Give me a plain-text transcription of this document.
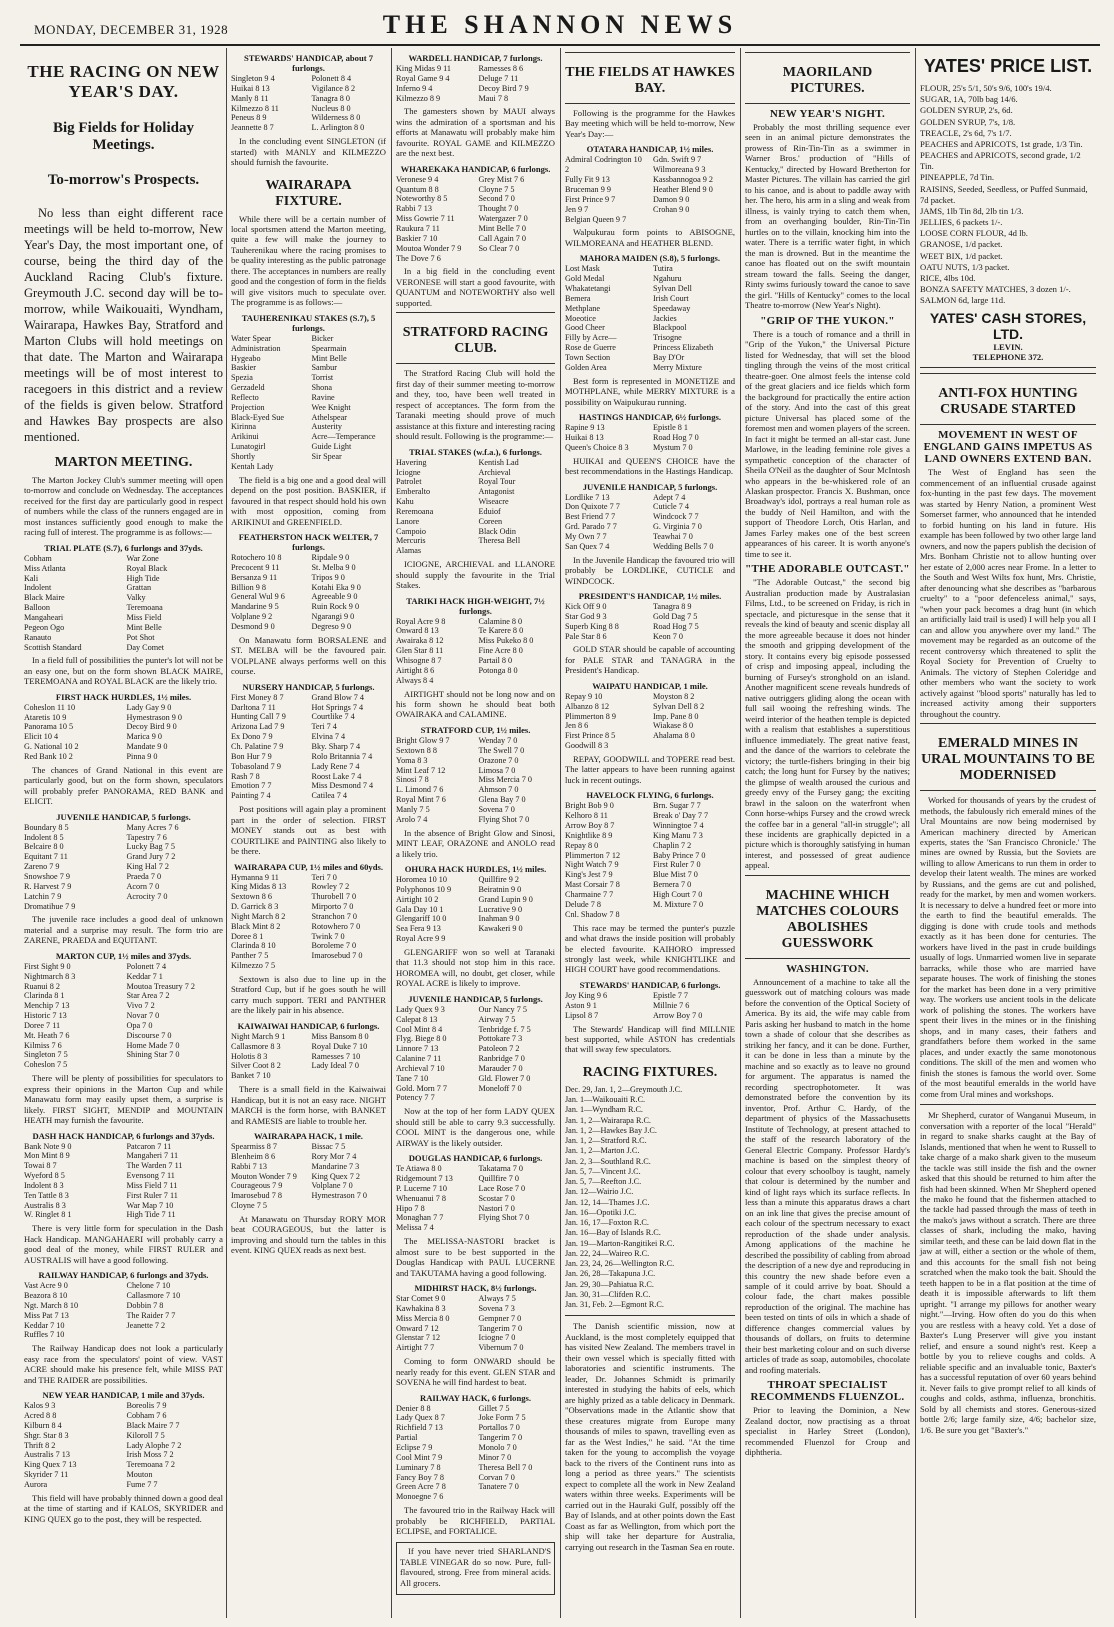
MONDAY, DECEMBER 31, 1928	THE SHANNON NEWS
THE RACING ON NEW YEAR'S DAY.
Big Fields for Holiday Meetings.
To-morrow's Prospects.
No less than eight different race meetings will be held to-morrow, New Year's Day, the most important one, of course, being the third day of the Auckland Racing Club's fixture. Greymouth J.C. second day will be to-morrow, while Waikouaiti, Wyndham, Wairarapa, Hawkes Bay, Stratford and Marton Clubs will hold meetings on that date. The Marton and Wairarapa meetings will be of most interest to racegoers in this district and a review of the fields is given below. Stratford and Hawkes Bay prospects are also mentioned.
MARTON MEETING.

The Marton Jockey Club's summer meeting will open to-morrow and conclude on Wednesday. The acceptances received for the first day are particularly good in respect of numbers while the class of the runners engaged are in most instances sufficiently good enough to make the racing full of interest. The programme is as follows:—

TRIAL PLATE (S.7), 6 furlongs and 37yds.
Cobham
Miss Atlanta
Kali
Indolent
Black Maire
Balloon
Mangaheari
Pegeon Ogo
Ranauto
Scottish Standard
War Zone
Royal Black
High Tide
Grattan
Valky
Teremoana
Miss Field
Mint Belle
Pot Shot
Day Comet

In a field full of possibilities the punter's lot will not be an easy one, but on the form shown BLACK MAIRE, TEREMOANA and ROYAL BLACK are the likely trio.

FIRST HACK HURDLES, 1½ miles.
Coheslon 11 10
Ataretis 10 9
Panorama 10 5
Elicit 10 4
G. National 10 2
Red Bank 10 2
Lady Gay 9 0
Hymestrason 9 0
Decoy Bird 9 0
Marica 9 0
Mandate 9 0
Pinna 9 0

The chances of Grand National in this event are particularly good, but on the form shown, speculators will probably prefer PANORAMA, RED BANK and ELICIT.

JUVENILE HANDICAP, 5 furlongs.
Boundary 8 5
Indolent 8 5
Belcaire 8 0
Equitant 7 11
Zareno 7 9
Snowshoe 7 9
R. Harvest 7 9
Latchin 7 9
Dromatihue 7 9
Many Acres 7 6
Tapestry 7 6
Lucky Bag 7 5
Grand Jury 7 2
King Hal 7 2
Praeda 7 0
Acorn 7 0
Acrocity 7 0

The juvenile race includes a good deal of unknown material and a surprise may result. The form trio are ZARENE, PRAEDA and EQUITANT.

MARTON CUP, 1½ miles and 37yds.
First Sight 9 0
Nightmarch 8 3
Ruanui 8 2
Clarinda 8 1
Menchip 7 13
Historic 7 13
Doree 7 11
Mt. Heath 7 6
Kilmiss 7 6
Singleton 7 5
Coheslon 7 5
Polonett 7 4
Keddar 7 1
Moutoa Treasury 7 2
Star Area 7 2
Vivo 7 2
Novar 7 0
Opa 7 0
Discourse 7 0
Home Made 7 0
Shining Star 7 0

There will be plenty of possibilities for speculators to express their opinions in the Marton Cup and while Manawatu form may easily upset them, a surprise is likely. FIRST SIGHT, MENDIP and MOUNTAIN HEATH may furnish the favourite.

DASH HACK HANDICAP, 6 furlongs and 37yds.
Bank Note 9 0
Mon Mint 8 9
Towai 8 7
Wyeford 8 5
Indolent 8 3
Ten Tattle 8 3
Australis 8 3
W. Ringlet 8 1
Patcaron 7 11
Mangaheri 7 11
The Warden 7 11
Evensong 7 11
Miss Field 7 11
First Ruler 7 11
War Map 7 10
High Tide 7 11

There is very little form for speculation in the Dash Hack Handicap. MANGAHAERI will probably carry a good deal of the money, while FIRST RULER and AUSTRALIS will have a good following.

RAILWAY HANDICAP, 6 furlongs and 37yds.
Vast Acre 9 0
Beazora 8 10
Ngt. March 8 10
Miss Pat 7 13
Keddar 7 10
Ruffles 7 10
Chelone 7 10
Callasmore 7 10
Dobbin 7 8
The Raider 7 7
Jeanette 7 2

The Railway Handicap does not look a particularly easy race from the speculators' point of view. VAST ACRE should make his presence felt, while MISS PAT and THE RAIDER are possibilities.

NEW YEAR HANDICAP, 1 mile and 37yds.
Kalos 9 3
Acred 8 8
Kilburn 8 4
Shgr. Star 8 3
Thrift 8 2
Australis 7 13
King Quex 7 13
Skyrider 7 11
Aurora
Boreolis 7 9
Cobham 7 6
Black Maire 7 7
Kiloroll 7 5
Lady Alophe 7 2
Irish Moss 7 2
Teremoana 7 2
Mouton
Fume 7 7

This field will have probably thinned down a good deal at the time of starting and if KALOS, SKYRIDER and KING QUEX go to the post, they will be respected.

STEWARDS' HANDICAP, about 7 furlongs.
Singleton 9 4
Huikai 8 13
Manly 8 11
Kilmezzo 8 11
Peneus 8 9
Jeannette 8 7
Polonett 8 4
Vigilance 8 2
Tanagra 8 0
Nucleus 8 0
Wilderness 8 0
L. Arlington 8 0

In the concluding event SINGLETON (if started) with MANLY and KILMEZZO should furnish the favourite.

WAIRARAPA FIXTURE.

While there will be a certain number of local sportsmen attend the Marton meeting, quite a few will make the journey to Tauherenikau where the racing promises to be quality interesting as the public patronage there. The acceptances in numbers are really good and the congestion of form in the fields will give visitors much to speculate over. The programme is as follows:—

TAUHERENIKAU STAKES (S.7), 5 furlongs.
Water Spear
Administration
Hygeabo
Baskier
Spezia
Gerzadeld
Reflecto
Projection
Black-Eyed Sue
Kirinna
Arikinui
Lunatogirl
Shortly
Kentah Lady
Bicker
Spearmain
Mint Belle
Sambur
Torrist
Shona
Ravine
Wee Knight
Athelspear
Austerity
Acre—Temperance
Guide Light
Sir Spear

The field is a big one and a good deal will depend on the post position. BASKIER, if favoured in that respect should hold his own with most opposition, coming from ARIKINUI and GREENFIELD.

FEATHERSTON HACK WELTER, 7 furlongs.
Rotochero 10 8
Precocent 9 11
Bersanza 9 11
Billion 9 8
General Wul 9 6
Mandarine 9 5
Volplane 9 2
Desmond 9 0
Ripdale 9 0
St. Melba 9 0
Tripos 9 0
Kotahi Eka 9 0
Agreeable 9 0
Ruin Rock 9 0
Ngarangi 9 0
Degreso 9 0

On Manawatu form BORSALENE and ST. MELBA will be the favoured pair. VOLPLANE always performs well on this course.

NURSERY HANDICAP, 5 furlongs.
First Money 8 7
Darltona 7 11
Hunting Call 7 9
Arizona Lad 7 9
Ex Dono 7 9
Ch. Palatine 7 9
Bon Hur 7 9
Tobasoland 7 9
Rash 7 8
Emotion 7 7
Painting 7 4
Grand Blow 7 4
Hot Springs 7 4
Courtlike 7 4
Teri 7 4
Elvina 7 4
Bky. Sharp 7 4
Rolo Britannia 7 4
Lady Rene 7 4
Roost Lake 7 4
Miss Desmond 7 4
Catilea 7 4

Post positions will again play a prominent part in the order of selection. FIRST MONEY stands out as best with COURTLIKE and PAINTING also likely to be there.

WAIRARAPA CUP, 1½ miles and 60yds.
Hymanna 9 11
King Midas 8 13
Sextown 8 6
D. Garrick 8 3
Night March 8 2
Black Mint 8 2
Doree 8 1
Clarinda 8 10
Panther 7 5
Kilmezzo 7 5
Teri 7 0
Rowley 7 2
Thurobell 7 0
Mirporto 7 0
Stranchon 7 0
Rotowhero 7 0
Twink 7 0
Boroleme 7 0
Imarosebud 7 0

Sextown is also due to line up in the Stratford Cup, but if he goes south he will carry much support. TERI and PANTHER are the likely pair in his absence.

KAIWAIWAI HANDICAP, 6 furlongs.
Night March 9 1
Callasmore 8 3
Holotis 8 3
Silver Coot 8 2
Banket 7 10
Miss Bansom 8 0
Royal Duke 7 10
Ramesses 7 10
Lady Ideal 7 0

There is a small field in the Kaiwaiwai Handicap, but it is not an easy race. NIGHT MARCH is the form horse, with BANKET and RAMESIS are liable to trouble her.

WAIRARAPA HACK, 1 mile.
Spearmiss 8 7
Blenheim 8 6
Rabbi 7 13
Mouton Wonder 7 9
Courageous 7 9
Imarosebud 7 8
Cloyne 7 5
Bissac 7 5
Rory Mor 7 4
Mandarine 7 3
King Quex 7 2
Volplane 7 0
Hymestrason 7 0

At Manawatu on Thursday RORY MOR beat COURAGEOUS, but the latter is improving and should turn the tables in this event. KING QUEX reads as next best.

WARDELL HANDICAP, 7 furlongs.
King Midas 9 11
Royal Game 9 4
Inferno 9 4
Kilmezzo 8 9
Ramesses 8 6
Deluge 7 11
Decoy Bird 7 9
Maui 7 8

The gamesters shown by MAUI always wins the admiration of a sportsman and his efforts at Manawatu will probably make him favourite. ROYAL GAME and KILMEZZO are the next best.

WHAREKAKA HANDICAP, 6 furlongs.
Veronese 9 4
Quantum 8 8
Noteworthy 8 5
Rabbi 7 13
Miss Gowrie 7 11
Raukura 7 11
Baskier 7 10
Moutoa Wonder 7 9
The Dove 7 6
Grey Mist 7 6
Cloyne 7 5
Second 7 0
Thought 7 0
Watergazer 7 0
Mint Belle 7 0
Call Again 7 0
So Clear 7 0

In a big field in the concluding event VERONESE will start a good favourite, with QUANTUM and NOTEWORTHY also well supported.

STRATFORD RACING CLUB.

The Stratford Racing Club will hold the first day of their summer meeting to-morrow and they, too, have been well treated in respect of acceptances. The form from the Taranaki meeting should prove of much assistance at this fixture and interesting racing should result. Following is the programme:—

TRIAL STAKES (w.f.a.), 6 furlongs.
Havering
Iciogne
Patrolet
Emberalto
Kahu
Reremoana
Lanore
Campoio
Mercuris
Alamas
Kentish Lad
Archieval
Royal Tour
Antagonist
Wiseacre
Eduiof
Coreen
Black Odin
Theresa Bell

ICIOGNE, ARCHIEVAL and LLANORE should supply the favourite in the Trial Stakes.

TARIKI HACK HIGH-WEIGHT, 7½ furlongs.
Royal Acre 9 8
Onward 8 13
Awairaka 8 12
Glen Star 8 11
Whisogne 8 7
Airtight 8 6
Always 8 4
Calamine 8 0
Te Karere 8 0
Miss Pukeko 8 0
Fine Acre 8 0
Partail 8 0
Potonga 8 0

AIRTIGHT should not be long now and on his form shown he should beat both OWAIRAKA and CALAMINE.

STRATFORD CUP, 1½ miles.
Bright Glow 9 7
Sextown 8 8
Yoma 8 3
Mint Leaf 7 12
Sinosi 7 8
L. Limond 7 6
Royal Mint 7 6
Manly 7 5
Arolo 7 4
Wenday 7 0
The Swell 7 0
Orazone 7 0
Limosa 7 0
Miss Mercia 7 0
Ahmson 7 0
Glena Bay 7 0
Sovena 7 0
Flying Shot 7 0

In the absence of Bright Glow and Sinosi, MINT LEAF, ORAZONE and ANOLO read a likely trio.

OHURA HACK HURDLES, 1½ miles.
Horomea 10 10
Polyphonos 10 9
Airtight 10 2
Gala Day 10 1
Glengariff 10 0
Sea Fera 9 13
Royal Acre 9 9
Quillfire 9 2
Beiratnin 9 0
Grand Lupin 9 0
Lucrative 9 0
Inahman 9 0
Kawakeri 9 0

GLENGARIFF won so well at Taranaki that 11.3 should not stop him in this race. HOROMEA will, no doubt, get closer, while ROYAL ACRE is likely to improve.

JUVENILE HANDICAP, 5 furlongs.
Lady Quex 9 3
Calepat 8 13
Cool Mint 8 4
Flyg. Biege 8 0
Linnore 7 13
Calanine 7 11
Archieval 7 10
Tane 7 10
Gold. Morn 7 7
Potency 7 7
Our Nancy 7 5
Airway 7 5
Tenbridge f. 7 5
Pottokare 7 3
Patoleon 7 2
Ranbridge 7 0
Marauder 7 0
Gld. Flower 7 0
Moneloff 7 0

Now at the top of her form LADY QUEX should still be able to carry 9.3 successfully. COOL MINT is the dangerous one, while AIRWAY is the likely outsider.

DOUGLAS HANDICAP, 6 furlongs.
Te Atiawa 8 0
Ridgemount 7 13
P. Lucerne 7 10
Whenuanui 7 8
Hipo 7 8
Monaghan 7 7
Melissa 7 4
Takatarna 7 0
Quillfire 7 0
Lace Rose 7 0
Scostar 7 0
Nastori 7 0
Flying Shot 7 0

The MELISSA-NASTORI bracket is almost sure to be best supported in the Douglas Handicap with PAUL LUCERNE and TAKUTAMA having a good following.

MIDHIRST HACK, 8½ furlongs.
Star Comet 9 0
Kawhakina 8 3
Miss Mercia 8 0
Onward 7 12
Glenstar 7 12
Airtight 7 7
Always 7 5
Sovena 7 3
Gempner 7 0
Tangerim 7 0
Iciogne 7 0
Vibernum 7 0

Coming to form ONWARD should be nearly ready for this event. GLEN STAR and SOVENA he will find hardest to beat.

RAILWAY HACK, 6 furlongs.
Denier 8 8
Lady Quex 8 7
Richfield 7 13
Partial
Eclipse 7 9
Cool Mint 7 9
Luminary 7 8
Fancy Boy 7 8
Green Acre 7 8
Monoegne 7 6
Gillet 7 5
Joke Form 7 5
Portallos 7 0
Tangerim 7 0
Monolo 7 0
Minor 7 0
Theresa Bell 7 0
Corvan 7 0
Tanatere 7 0

The favoured trio in the Railway Hack will probably be RICHFIELD, PARTIAL ECLIPSE, and FORTALICE.

If you have never tried SHARLAND'S TABLE VINEGAR do so now. Pure, full-flavoured, strong. Free from mineral acids. All grocers.

THE FIELDS AT HAWKES BAY.

Following is the programme for the Hawkes Bay meeting which will be held to-morrow, New Year's Day:—

OTATARA HANDICAP, 1½ miles.
Admiral Codrington 10 2
Fully Fit 9 13
Bruceman 9 9
First Prince 9 7
Jen 9 7
Belgian Queen 9 7
Gdn. Swift 9 7
Wilmoreana 9 3
Kassbannogoa 9 2
Heather Blend 9 0
Damon 9 0
Crohan 9 0

Walpukurau form points to ABISOGNE, WILMOREANA and HEATHER BLEND.

MAHORA MAIDEN (S.8), 5 furlongs.
Lost Mask
Gold Medal
Whakatetangi
Bemera
Methplane
Moeotice
Good Cheer
Filly by Acre—
Rose de Guerre
Town Section
Golden Area
Tutira
Ngahuru
Sylvan Dell
Irish Court
Speedaway
Jackies
Blackpool
Trisogne
Princess Elizabeth
Bay D'Or
Merry Mixture

Best form is represented in MONETIZE and MOTHPLANE, while MERRY MIXTURE is a possibility on Waipukurau running.

HASTINGS HANDICAP, 6½ furlongs.
Rapine 9 13
Huikai 8 13
Queen's Choice 8 3
Epistle 8 1
Road Hog 7 0
Mystum 7 0

HUIKAI and QUEEN'S CHOICE have the best recommendations in the Hastings Handicap.

JUVENILE HANDICAP, 5 furlongs.
Lordlike 7 13
Don Quixote 7 7
Best Friend 7 7
Grd. Parado 7 7
My Own 7 7
San Quex 7 4
Adept 7 4
Cuticle 7 4
Windcock 7 7
G. Virginia 7 0
Teawhai 7 0
Wedding Bells 7 0

In the Juvenile Handicap the favoured trio will probably be LORDLIKE, CUTICLE and WINDCOCK.

PRESIDENT'S HANDICAP, 1½ miles.
Kick Off 9 0
Star God 9 3
Superb King 8 8
Pale Star 8 6
Tanagra 8 9
Gold Dag 7 5
Road Hog 7 5
Keon 7 0

GOLD STAR should be capable of accounting for PALE STAR and TANAGRA in the President's Handicap.

WAIPATU HANDICAP, 1 mile.
Repay 9 10
Albanzo 8 12
Plimmerton 8 9
Jen 8 6
First Prince 8 5
Goodwill 8 3
Moyston 8 2
Sylvan Dell 8 2
Imp. Pane 8 0
Wiakase 8 0
Ahalama 8 0

REPAY, GOODWILL and TOPERE read best. The latter appears to have been running against luck in recent outings.

HAVELOCK FLYING, 6 furlongs.
Bright Bob 9 0
Kelhoro 8 11
Arrow Boy 8 7
Knightlike 8 9
Repay 8 0
Plimmerton 7 12
Night Watch 7 9
King's Jest 7 9
Mast Corsair 7 8
Charmaine 7 7
Delude 7 8
Cnl. Shadow 7 8
Brn. Sugar 7 7
Break o' Day 7 7
Winningtoe 7 4
King Manu 7 3
Chaplin 7 2
Baby Prince 7 0
First Ruler 7 0
Blue Mist 7 0
Bernera 7 0
High Court 7 0
M. Mixture 7 0

This race may be termed the punter's puzzle and what draws the inside position will probably be elected favourite. KAIHORO impressed strongly last week, while KNIGHTLIKE and HIGH COURT have good recommendations.

STEWARDS' HANDICAP, 6 furlongs.
Joy King 9 6
Aston 9 1
Lipsol 8 7
Epistle 7 7
Millnie 7 6
Arrow Boy 7 0

The Stewards' Handicap will find MILLNIE best supported, while ASTON has credentials that will sway few speculators.

RACING FIXTURES.
Dec. 29, Jan. 1, 2—Greymouth J.C.
Jan. 1—Waikouaiti R.C.
Jan. 1—Wyndham R.C.
Jan. 1, 2—Wairarapa R.C.
Jan. 1, 2—Hawkes Bay J.C.
Jan. 1, 2—Stratford R.C.
Jan. 1, 2—Marton J.C.
Jan. 2, 3—Southland R.C.
Jan. 5, 7—Vincent J.C.
Jan. 5, 7—Reefton J.C.
Jan. 12—Wairio J.C.
Jan. 12, 14—Thames J.C.
Jan. 16—Opotiki J.C.
Jan. 16, 17—Foxton R.C.
Jan. 16—Bay of Islands R.C.
Jan. 19—Marton-Rangitikei R.C.
Jan. 22, 24—Waireo R.C.
Jan. 23, 24, 26—Wellington R.C.
Jan. 26, 28—Takapuna J.C.
Jan. 29, 30—Pahiatua R.C.
Jan. 30, 31—Clifden R.C.
Jan. 31, Feb. 2—Egmont R.C.

The Danish scientific mission, now at Auckland, is the most completely equipped that has visited New Zealand. The members travel in their own vessel which is specially fitted with laboratories and scientific instruments. The leader, Dr. Johannes Schmidt is primarily interested in studying the habits of eels, which are highly prized as a table delicacy in Denmark. "Observations made in the Atlantic show that these creatures migrate from Europe many thousands of miles to spawn, travelling even as far as the West Indies," he said. "At the time taken for the young to accomplish the voyage back to the rivers of the Continent runs into as long a period as three years." The scientists expect to complete all the work in New Zealand waters within three weeks. Experiments will be carried out in the Hauraki Gulf, possibly off the Bay of Islands, and at other points down the East Coast as far as Wellington, from which port the ship will take her departure for Australia, carrying out research in the Tasman Sea en route.

MAORILAND PICTURES.
NEW YEAR'S NIGHT.

Probably the most thrilling sequence ever seen in an animal picture demonstrates the prowess of Rin-Tin-Tin as a swimmer in Warner Bros.' production of "Hills of Kentucky," directed by Howard Bretherton for Master Pictures. The villain has carried the girl to his canoe, and is about to paddle away with her. The hero, his arm in a sling and weak from illness, is vainly trying to catch them when, from an overhanging boulder, Rin-Tin-Tin hurtles on to the villain, knocking him into the water. There is a terrific water fight, in which the man is drowned. But in the meantime the canoe has floated out on the swift mountain stream toward the falls. Seeing the danger, Rinty swims furiously toward the canoe to save the girl. "Hills of Kentucky" comes to the local Theatre to-morrow (New Year's Night).

"GRIP OF THE YUKON."

There is a touch of romance and a thrill in "Grip of the Yukon," the Universal Picture listed for Wednesday, that will set the blood tingling through the veins of the most critical theatre-goer. One almost feels the intense cold of the great glaciers and ice fields which form the background for practically the entire action of the story. And into the cast of this great picture Universal has placed some of the foremost men and women players of the screen. In fact it might be termed an all-star cast. June Marlowe, in the leading feminine role gives a sympathetic conception of the character of Sheila O'Neil as the daughter of Sour McIntosh who appears in the be-whiskered role of an Alaskan prospector. Francis X. Bushman, once Broadway's idol, portrays a real human role as the buddy of Neil Hamilton, and with the support of Theodore Lorch, Otis Harlan, and James Farley makes one of the best screen appearances of his career. It is worth anyone's time to see it.

"THE ADORABLE OUTCAST."

"The Adorable Outcast," the second big Australian production made by Australasian Films, Ltd., to be screened on Friday, is rich in spectacle, and picturesque in the sense that it reveals the kind of beauty and scenic display all the more agreeable because it does not hinder the smooth and gripping development of the story. It contains every big episode possessed of crisp and imposing appeal, including the burning of Fursey's stronghold on an island. Another magnificent scene reveals hundreds of native outriggers gliding along the ocean with full sail wooing the refreshing winds. The weird interior of the heathen temple is depicted with a realism that establishes a superstitious influence immediately. The great native feast, and the dance of the warriors to celebrate the victory; the turtle-fishers bringing in their big catch; the long hunt for Fursey by the natives; the glimpse of wealth aroused the curious and greedy envy of the Fursey gang; the exciting brawl in the saloon on the waterfront when Conn horse-whips Fursey and the crowd wreck the coffee bar in a general "all-in struggle"; all these incidents are graphically depicted in a picture which is thoroughly satisfying in human interest, and possessed of great audience appeal.

MACHINE WHICH MATCHES COLOURS ABOLISHES GUESSWORK
WASHINGTON.

Announcement of a machine to take all the guesswork out of matching colours was made before the convention of the Optical Society of America. By its aid, the wife may cable from Paris asking her husband to match in the home town a shade of colour that she describes as striking her fancy, and it can be done. Further, it can be done in less than a minute by the machine and so exactly as to leave no ground for argument. The apparatus is named the recording spectrophotometer. It was demonstrated before the convention by its inventor, Prof. Arthur C. Hardy, of the department of physics of the Massachusetts Institute of Technology, at present attached to the staff of the research laboratory of the General Electric Company. Professor Hardy's machine is based on the simplest theory of colour that every schoolboy is taught, namely that colour is determined by the number and kind of light rays which its surface reflects. In less than a minute this apparatus draws a chart on an ink line that gives the precise amount of each colour of the spectrum necessary to exact reproduction of the shade under analysis. Among applications of the machine he described the possibility of cabling from abroad the description of a new dye and reproducing in this country the new shade before even a sample of it could arrive by boat. Should a colour fade, the chart makes possible reproduction of the original. The machine has been tested on tints of oils in which a shade of difference changes commercial values by thousands of dollars, on fruits to determine their best marketing colour and on such diverse articles of trade as soap, automobiles, chocolate and roofing materials.

THROAT SPECIALIST RECOMMENDS FLUENZOL.

Prior to leaving the Dominion, a New Zealand doctor, now practising as a throat specialist in Harley Street (London), recommended Fluenzol for Croup and diphtheria.

YATES' PRICE LIST.
FLOUR, 25's 5/1, 50's 9/6, 100's 19/4.
SUGAR, 1A, 70lb bag 14/6.
GOLDEN SYRUP, 2's, 6d.
GOLDEN SYRUP, 7's, 1/8.
TREACLE, 2's 6d, 7's 1/7.
PEACHES and APRICOTS, 1st grade, 1/3 Tin.
PEACHES and APRICOTS, second grade, 1/2 Tin.
PINEAPPLE, 7d Tin.
RAISINS, Seeded, Seedless, or Puffed Sunmaid, 7d packet.
JAMS, 1lb Tin 8d, 2lb tin 1/3.
JELLIES, 6 packets 1/-.
LOOSE CORN FLOUR, 4d lb.
GRANOSE, 1/d packet.
WEET BIX, 1/d packet.
OATU NUTS, 1/3 packet.
RICE, 4lbs 10d.
BONZA SAFETY MATCHES, 3 dozen 1/-.
SALMON 6d, large 11d.
YATES' CASH STORES, LTD.
LEVIN.
TELEPHONE 372.
ANTI-FOX HUNTING CRUSADE STARTED
MOVEMENT IN WEST OF ENGLAND GAINS IMPETUS AS LAND OWNERS EXTEND BAN.

The West of England has seen the commencement of an influential crusade against fox-hunting in the past few days. The movement was started by Henry Nation, a prominent West Somerset farmer, who announced that he intended to forbid hunting on his land in future. His example has been followed by two other large land owners, and now the papers publish the decision of Mrs. Bonham Christie not to allow hunting over her estate of 2,000 acres near Frome. In a letter to the South and West Wilts fox hunt, Mrs. Christie, after denouncing what she describes as "barbarous cruelty" to a "poor defenceless animal," says, "when your pack becomes a drag hunt (in which an artificially laid trail is used) I will help you all I can and allow you anywhere over my land." The movement may be regarded as an outcome of the recent controversy which threatened to split the Royal Society for Prevention of Cruelty to Animals. The victory of Stephen Coleridge and other members who want the society to work actively against "blood sports" naturally has led to increased activity among their supporters throughout the country.

EMERALD MINES IN URAL MOUNTAINS TO BE MODERNISED

Worked for thousands of years by the crudest of methods, the fabulously rich emerald mines of the Ural Mountains are now being modernised by American machinery directed by American experts, states the 'San Francisco Chronicle.' The mines are owned by Russia, but the Soviets are willing to allow Americans to run them in order to develop their latent wealth. The mines are worked by Russians, and the gems are cut and polished, ready for the market, by men and women workers. It is necessary to delve a hundred feet or more into the earth to find the beautiful emeralds. The digging is done with crude tools and methods exactly as it has been done for centuries. The workers have lived in the past in crude buildings usually of logs. Unmarried women live in separate barracks, while those who are married have separate houses. The work of finishing the stones for the market has been done in a very primitive way. The workers use ancient tools in the delicate work of polishing the stones. The workers have spent their lives in the mines or in the finishing shops, and in many cases, their fathers and grandfathers before them worked in the same places, and under exactly the same monotonous conditions. The skill of the men and women who finish the stones is famous the world over. Some of the most beautiful emeralds in the world have come from Ural mines and workshops.

Mr Shepherd, curator of Wanganui Museum, in conversation with a reporter of the local "Herald" in regard to snake sharks caught at the Bay of Islands, mentioned that when he went to Russell to take charge of a mako shark given to the museum the tackle was still inside the fish and the owner asked that this should be returned to him after the fish had been skinned. When Mr Shepherd opened the mako he found that the fishermen attached to the tackle had passed through the mass of teeth in the mako's jaws without a scratch. There are three classes of shark, including the mako, having similar teeth, and these can be laid down flat in the jaw at will, either a section or the whole of them, and this accounts for the small fish not being scratched when the mako took the bait. Should the teeth happen to be in a flat position at the time of death it is impossible afterwards to lift them upright. "I arrange my pillows for another weary night."—Irving. How often do you do this when you are restless with a heavy cold. Yet a dose of Baxter's Lung Preserver will give you instant relief, and ensure a sound night's rest. Keep a bottle by you to relieve coughs and colds. A reliable specific and an invaluable tonic, Baxter's has a successful reputation of over 60 years behind it. Never fails to give prompt relief to all kinds of coughs and colds, asthma, influenza, bronchitis. Sold by all chemists and stores. Generous-sized bottle 2/6; large family size, 4/6; bachelor size, 1/6. Be sure you get "Baxter's."
